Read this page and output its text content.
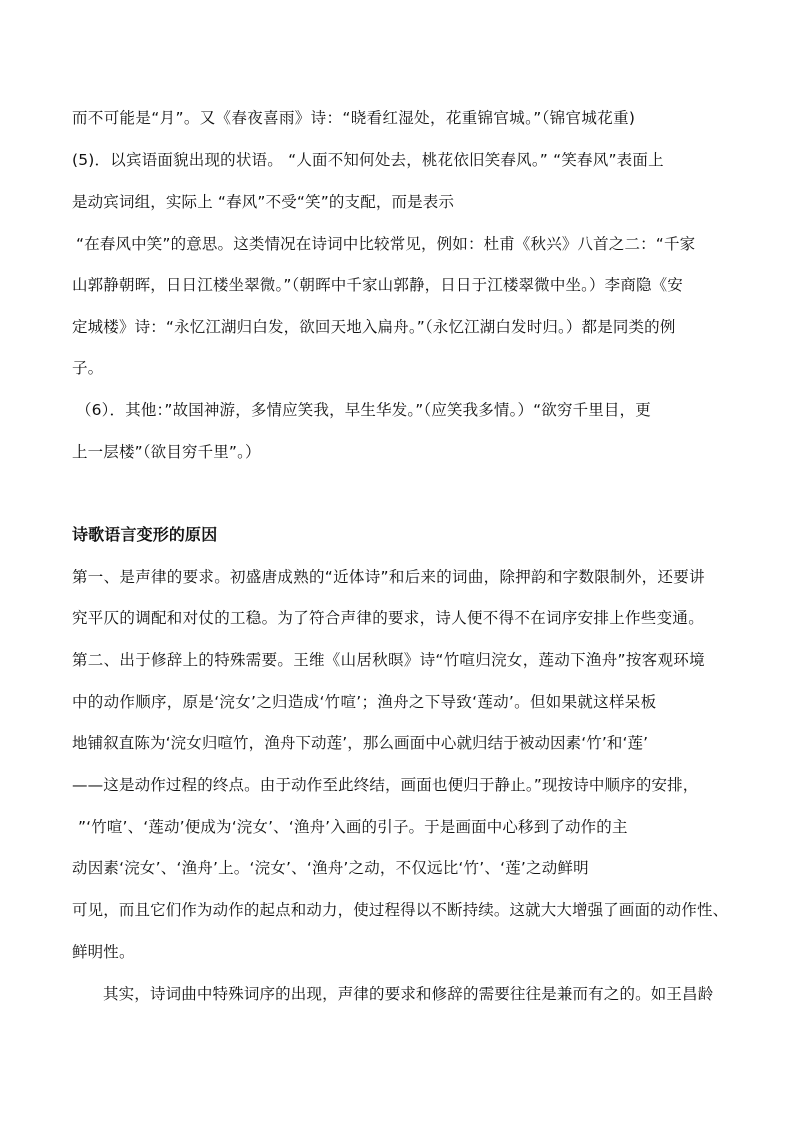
而不可能是“月”。又《春夜喜雨》诗：“晓看红湿处，花重锦官城。”（锦官城花重)
(5)．以宾语面貌出现的状语。 “人面不知何处去，桃花依旧笑春风。” “笑春风”表面上
是动宾词组，实际上 “春风”不受“笑”的支配，而是表示
“在春风中笑”的意思。这类情况在诗词中比较常见，例如：杜甫《秋兴》八首之二：“千家
山郭静朝晖，日日江楼坐翠微。”（朝晖中千家山郭静，日日于江楼翠微中坐。）李商隐《安
定城楼》诗：“永忆江湖归白发，欲回天地入扁舟。”（永忆江湖白发时归。）都是同类的例
子。
（6）．其他：”故国神游，多情应笑我，早生华发。”（应笑我多情。）“欲穷千里目，更
上一层楼”（欲目穷千里”。）
诗歌语言变形的原因
第一、是声律的要求。初盛唐成熟的“近体诗”和后来的词曲，除押韵和字数限制外，还要讲
究平仄的调配和对仗的工稳。为了符合声律的要求，诗人便不得不在词序安排上作些变通。
第二、出于修辞上的特殊需要。王维《山居秋暝》诗“竹喧归浣女，莲动下渔舟”按客观环境
中的动作顺序，原是‘浣女’之归造成‘竹喧’；渔舟之下导致‘莲动’。但如果就这样呆板
地铺叙直陈为‘浣女归喧竹，渔舟下动莲’，那么画面中心就归结于被动因素‘竹’和‘莲’
——这是动作过程的终点。由于动作至此终结，画面也便归于静止。”现按诗中顺序的安排，
”‘竹喧’、‘莲动’便成为‘浣女’、‘渔舟’入画的引子。于是画面中心移到了动作的主
动因素‘浣女’、‘渔舟’上。‘浣女’、‘渔舟’之动，不仅远比‘竹’、‘莲’之动鲜明
可见，而且它们作为动作的起点和动力，使过程得以不断持续。这就大大增强了画面的动作性、
鲜明性。
其实，诗词曲中特殊词序的出现，声律的要求和修辞的需要往往是兼而有之的。如王昌龄
